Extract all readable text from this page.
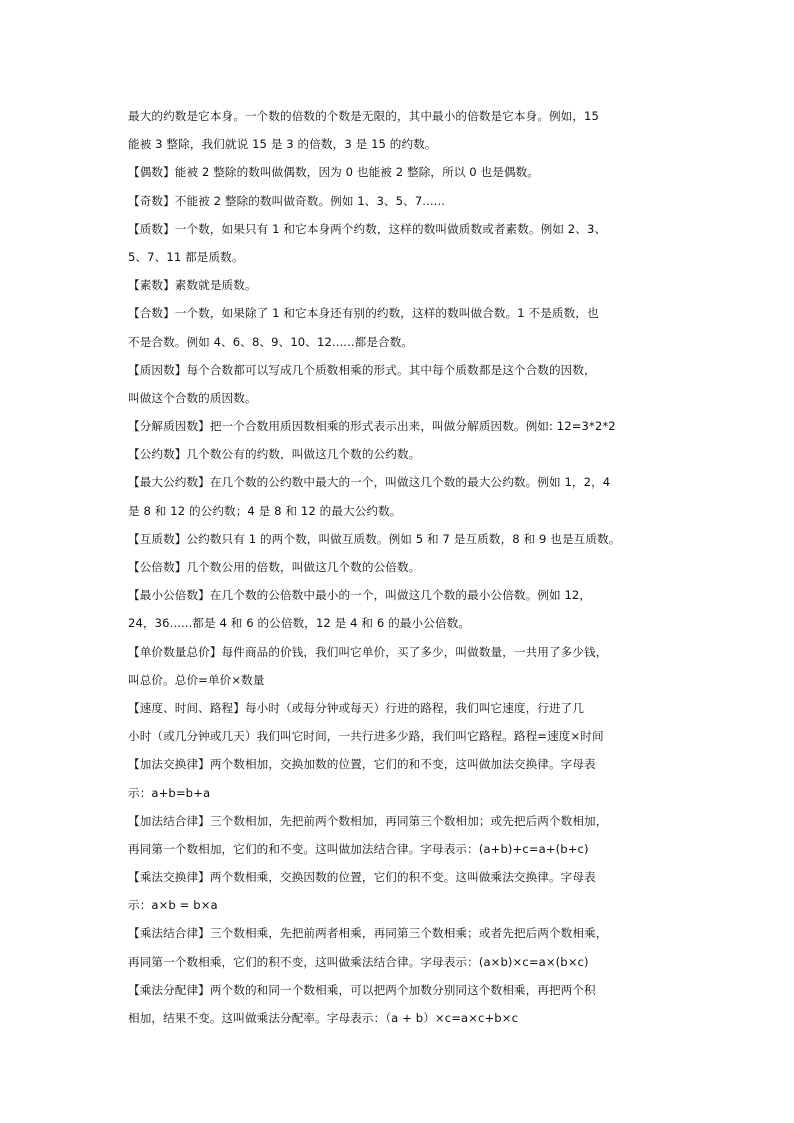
最大的约数是它本身。一个数的倍数的个数是无限的，其中最小的倍数是它本身。例如，15
能被 3 整除，我们就说 15 是 3 的倍数，3 是 15 的约数。
【偶数】能被 2 整除的数叫做偶数，因为 0 也能被 2 整除，所以 0 也是偶数。
【奇数】不能被 2 整除的数叫做奇数。例如 1、3、5、7......
【质数】一个数，如果只有 1 和它本身两个约数，这样的数叫做质数或者素数。例如 2、3、
5、7、11 都是质数。
【素数】素数就是质数。
【合数】一个数，如果除了 1 和它本身还有别的约数，这样的数叫做合数。1 不是质数，也
不是合数。例如 4、6、8、9、10、12......都是合数。
【质因数】每个合数都可以写成几个质数相乘的形式。其中每个质数都是这个合数的因数，
叫做这个合数的质因数。
【分解质因数】把一个合数用质因数相乘的形式表示出来，叫做分解质因数。例如: 12=3*2*2
【公约数】几个数公有的约数，叫做这几个数的公约数。
【最大公约数】在几个数的公约数中最大的一个，叫做这几个数的最大公约数。例如 1，2，4
是 8 和 12 的公约数；4 是 8 和 12 的最大公约数。
【互质数】公约数只有 1 的两个数，叫做互质数。例如 5 和 7 是互质数，8 和 9 也是互质数。
【公倍数】几个数公用的倍数，叫做这几个数的公倍数。
【最小公倍数】在几个数的公倍数中最小的一个，叫做这几个数的最小公倍数。例如 12，
24，36......都是 4 和 6 的公倍数，12 是 4 和 6 的最小公倍数。
【单价数量总价】每件商品的价钱，我们叫它单价，买了多少，叫做数量，一共用了多少钱，
叫总价。总价=单价×数量
【速度、时间、路程】每小时（或每分钟或每天）行进的路程，我们叫它速度，行进了几
小时（或几分钟或几天）我们叫它时间，一共行进多少路，我们叫它路程。路程=速度×时间
【加法交换律】两个数相加，交换加数的位置，它们的和不变，这叫做加法交换律。字母表
示：a+b=b+a
【加法结合律】三个数相加，先把前两个数相加，再同第三个数相加；或先把后两个数相加，
再同第一个数相加，它们的和不变。这叫做加法结合律。字母表示：(a+b)+c=a+(b+c)
【乘法交换律】两个数相乘，交换因数的位置，它们的积不变。这叫做乘法交换律。字母表
示：a×b = b×a
【乘法结合律】三个数相乘，先把前两者相乘，再同第三个数相乘；或者先把后两个数相乘，
再同第一个数相乘，它们的积不变，这叫做乘法结合律。字母表示：(a×b)×c=a×(b×c)
【乘法分配律】两个数的和同一个数相乘，可以把两个加数分别同这个数相乘，再把两个积
相加，结果不变。这叫做乘法分配率。字母表示：（a + b）×c=a×c+b×c
